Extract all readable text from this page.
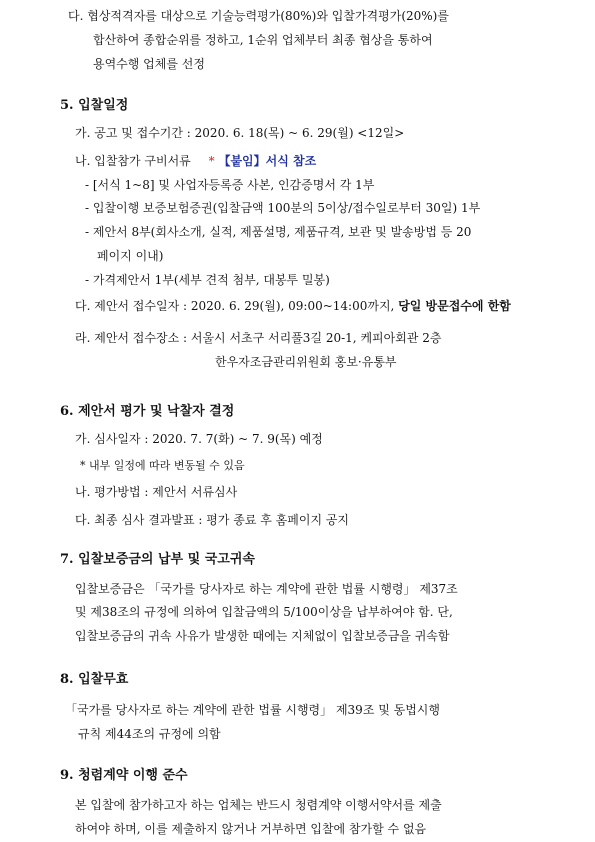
다. 협상적격자를 대상으로 기술능력평가(80%)와 입찰가격평가(20%)를
합산하여 종합순위를 정하고, 1순위 업체부터 최종 협상을 통하여
용역수행 업체를 선정
5. 입찰일정
가. 공고 및 접수기간 : 2020. 6. 18(목) ~ 6. 29(월) <12일>
나. 입찰참가 구비서류 * 【붙임】서식 참조
- [서식 1~8] 및 사업자등록증 사본, 인감증명서 각 1부
- 입찰이행 보증보험증권(입찰금액 100분의 5이상/접수일로부터 30일) 1부
- 제안서 8부(회사소개, 실적, 제품설명, 제품규격, 보관 및 발송방법 등 20
페이지 이내)
- 가격제안서 1부(세부 견적 첨부, 대봉투 밀봉)
다. 제안서 접수일자 : 2020. 6. 29(월), 09:00~14:00까지, 당일 방문접수에 한함
라. 제안서 접수장소 : 서울시 서초구 서리풀3길 20-1, 케피아회관 2층
한우자조금관리위원회 홍보·유통부
6. 제안서 평가 및 낙찰자 결정
가. 심사일자 : 2020. 7. 7(화) ~ 7. 9(목) 예정
* 내부 일정에 따라 변동될 수 있음
나. 평가방법 : 제안서 서류심사
다. 최종 심사 결과발표 : 평가 종료 후 홈페이지 공지
7. 입찰보증금의 납부 및 국고귀속
입찰보증금은 「국가를 당사자로 하는 계약에 관한 법률 시행령」 제37조
및 제38조의 규정에 의하여 입찰금액의 5/100이상을 납부하여야 함. 단,
입찰보증금의 귀속 사유가 발생한 때에는 지체없이 입찰보증금을 귀속함
8. 입찰무효
「국가를 당사자로 하는 계약에 관한 법률 시행령」 제39조 및 동법시행
규칙 제44조의 규정에 의함
9. 청렴계약 이행 준수
본 입찰에 참가하고자 하는 업체는 반드시 청렴계약 이행서약서를 제출
하여야 하며, 이를 제출하지 않거나 거부하면 입찰에 참가할 수 없음
